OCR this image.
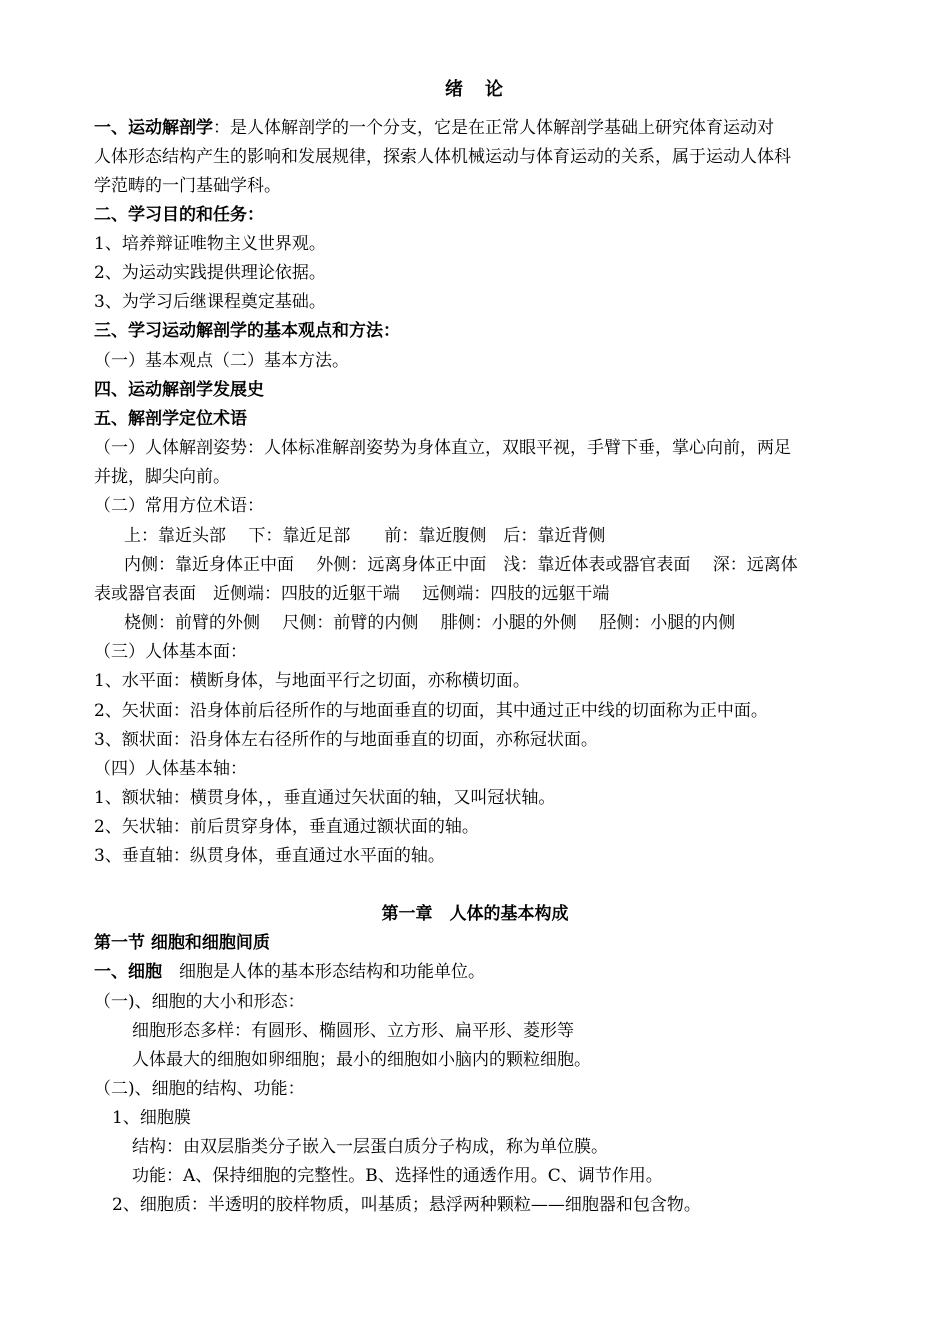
绪　论
一、运动解剖学：是人体解剖学的一个分支，它是在正常人体解剖学基础上研究体育运动对
人体形态结构产生的影响和发展规律，探索人体机械运动与体育运动的关系，属于运动人体科
学范畴的一门基础学科。
二、学习目的和任务：
1、培养辩证唯物主义世界观。
2、为运动实践提供理论依据。
3、为学习后继课程奠定基础。
三、学习运动解剖学的基本观点和方法：
（一）基本观点（二）基本方法。
四、运动解剖学发展史
五、解剖学定位术语
（一）人体解剖姿势：人体标准解剖姿势为身体直立，双眼平视，手臂下垂，掌心向前，两足
并拢，脚尖向前。
（二）常用方位术语：
上：靠近头部　 下：靠近足部　　前：靠近腹侧　后：靠近背侧
内侧：靠近身体正中面　 外侧：远离身体正中面　浅：靠近体表或器官表面　 深：远离体
表或器官表面　近侧端：四肢的近躯干端　 远侧端：四肢的远躯干端
桡侧：前臂的外侧　 尺侧：前臂的内侧　 腓侧：小腿的外侧　 胫侧：小腿的内侧
（三）人体基本面：
1、水平面：横断身体，与地面平行之切面，亦称横切面。
2、矢状面：沿身体前后径所作的与地面垂直的切面，其中通过正中线的切面称为正中面。
3、额状面：沿身体左右径所作的与地面垂直的切面，亦称冠状面。
（四）人体基本轴：
1、额状轴：横贯身体，，垂直通过矢状面的轴，又叫冠状轴。
2、矢状轴：前后贯穿身体，垂直通过额状面的轴。
3、垂直轴：纵贯身体，垂直通过水平面的轴。
第一章　人体的基本构成
第一节 细胞和细胞间质
一、细胞　细胞是人体的基本形态结构和功能单位。
（一)、细胞的大小和形态：
细胞形态多样：有圆形、椭圆形、立方形、扁平形、菱形等
人体最大的细胞如卵细胞；最小的细胞如小脑内的颗粒细胞。
（二)、细胞的结构、功能：
1、细胞膜
结构：由双层脂类分子嵌入一层蛋白质分子构成，称为单位膜。
功能：A、保持细胞的完整性。B、选择性的通透作用。C、调节作用。
2、细胞质：半透明的胶样物质，叫基质；悬浮两种颗粒——细胞器和包含物。
